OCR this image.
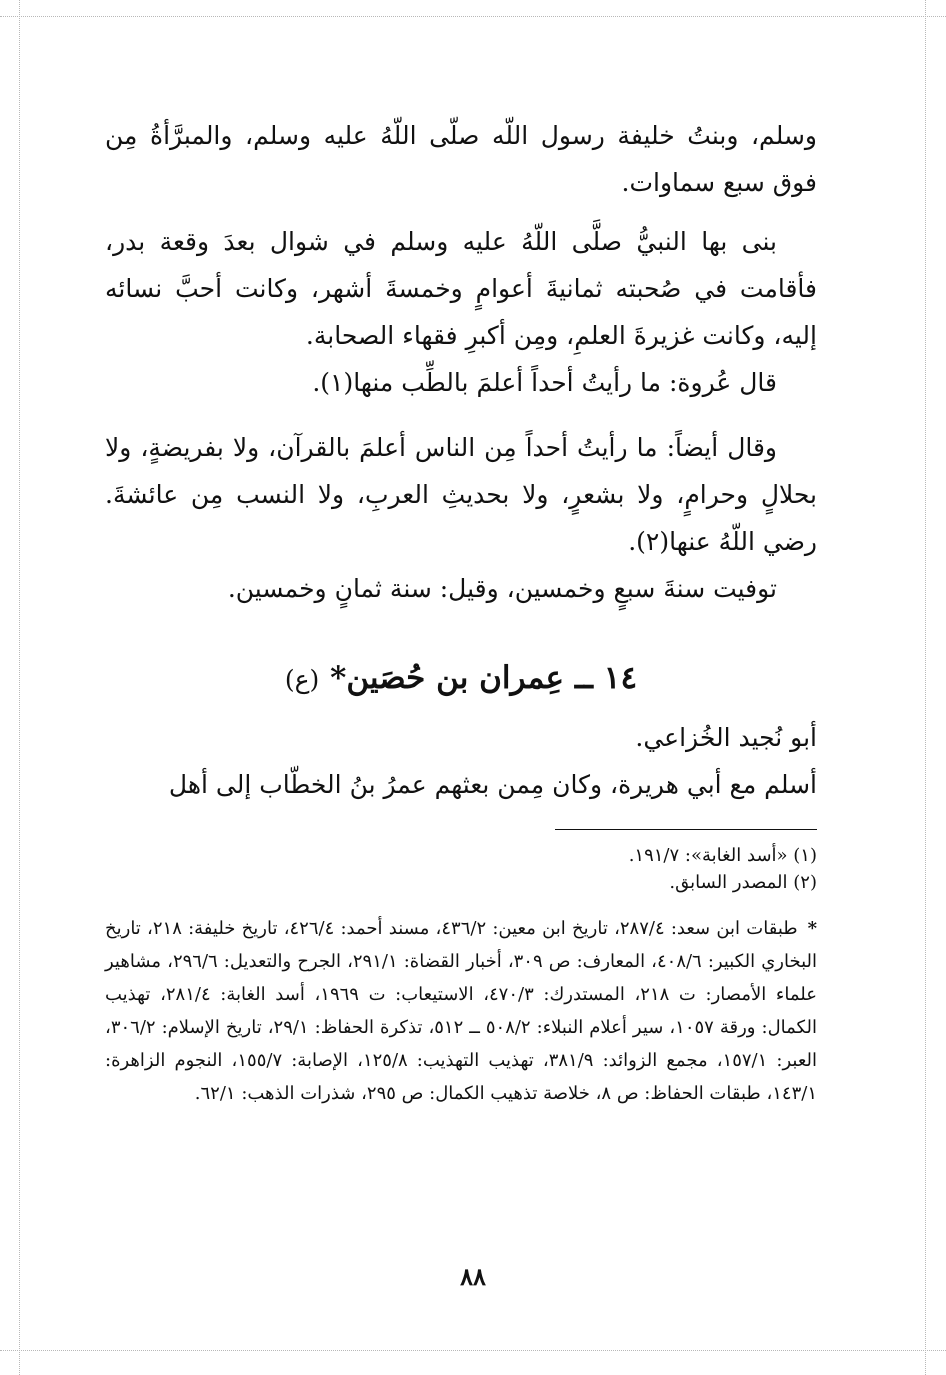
وسلم، وبنتُ خليفة رسول اللّه صلّى اللّهُ عليه وسلم، والمبرَّأةُ مِن فوق سبع سماوات.

بنى بها النبيُّ صلَّى اللّهُ عليه وسلم في شوال بعدَ وقعة بدر، فأقامت في صُحبته ثمانيةَ أعوامٍ وخمسةَ أشهر، وكانت أحبَّ نسائه إليه، وكانت غزيرةَ العلمِ، ومِن أكبرِ فقهاء الصحابة.

قال عُروة: ما رأيتُ أحداً أعلمَ بالطِّب منها(١).

وقال أيضاً: ما رأيتُ أحداً مِن الناس أعلمَ بالقرآن، ولا بفريضةٍ، ولا بحلالٍ وحرامٍ، ولا بشعرٍ، ولا بحديثِ العربِ، ولا النسب مِن عائشةَ. رضي اللّهُ عنها(٢).

توفيت سنةَ سبعٍ وخمسين، وقيل: سنة ثمانٍ وخمسين.

١٤ ــ عِمران بن حُصَين* (ع)

أبو نُجيد الخُزاعي.

أسلم مع أبي هريرة، وكان مِمن بعثهم عمرُ بنُ الخطّاب إلى أهل

(١) «أسد الغابة»: ١٩١/٧.

(٢) المصدر السابق.

*طبقات ابن سعد: ٢٨٧/٤، تاريخ ابن معين: ٤٣٦/٢، مسند أحمد: ٤٢٦/٤، تاريخ خليفة: ٢١٨، تاريخ البخاري الكبير: ٤٠٨/٦، المعارف: ص ٣٠٩، أخبار القضاة: ٢٩١/١، الجرح والتعديل: ٢٩٦/٦، مشاهير علماء الأمصار: ت ٢١٨، المستدرك: ٤٧٠/٣، الاستيعاب: ت ١٩٦٩، أسد الغابة: ٢٨١/٤، تهذيب الكمال: ورقة ١٠٥٧، سير أعلام النبلاء: ٥٠٨/٢ ــ ٥١٢، تذكرة الحفاظ: ٢٩/١، تاريخ الإسلام: ٣٠٦/٢، العبر: ١٥٧/١، مجمع الزوائد: ٣٨١/٩، تهذيب التهذيب: ١٢٥/٨، الإصابة: ١٥٥/٧، النجوم الزاهرة: ١٤٣/١، طبقات الحفاظ: ص ٨، خلاصة تذهيب الكمال: ص ٢٩٥، شذرات الذهب: ٦٢/١.
٨٨
